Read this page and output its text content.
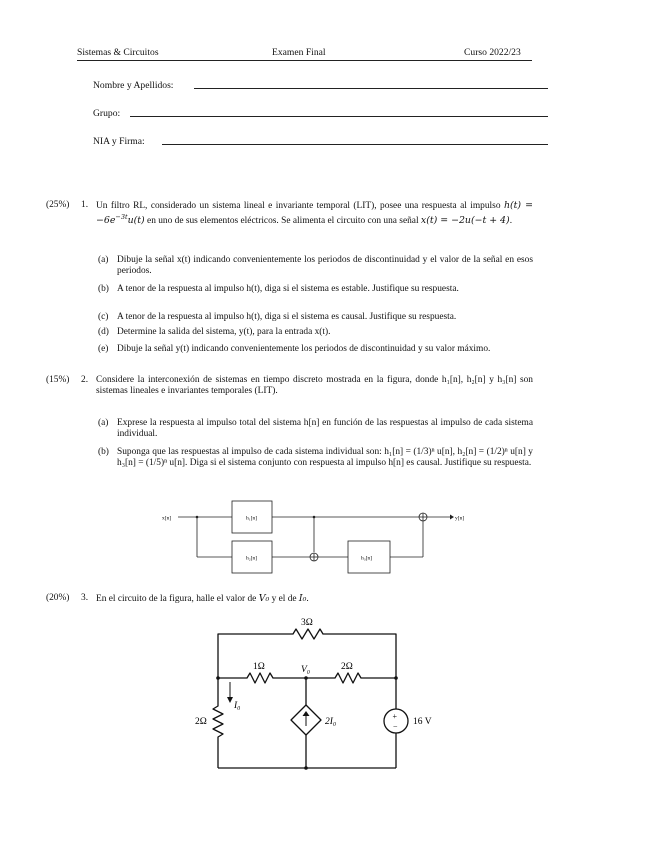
Sistemas & Circuitos	Examen Final	Curso 2022/23
Nombre y Apellidos:
Grupo:
NIA y Firma:
(25%) 1. Un filtro RL, considerado un sistema lineal e invariante temporal (LIT), posee una respuesta al impulso $h(t) = -6e^{-3t}u(t)$ en uno de sus elementos eléctricos. Se alimenta el circuito con una señal x(t) = −2u(−t + 4).
(a) Dibuje la señal x(t) indicando convenientemente los periodos de discontinuidad y el valor de la señal en esos periodos.
(b) A tenor de la respuesta al impulso h(t), diga si el sistema es estable. Justifique su respuesta.
(c) A tenor de la respuesta al impulso h(t), diga si el sistema es causal. Justifique su respuesta.
(d) Determine la salida del sistema, y(t), para la entrada x(t).
(e) Dibuje la señal y(t) indicando convenientemente los periodos de discontinuidad y su valor máximo.
(15%) 2. Considere la interconexión de sistemas en tiempo discreto mostrada en la figura, donde h₁[n], h₂[n] y h₃[n] son sistemas lineales e invariantes temporales (LIT).
(a) Exprese la respuesta al impulso total del sistema h[n] en función de las respuestas al impulso de cada sistema individual.
(b) Suponga que las respuestas al impulso de cada sistema individual son: h₁[n] = (1/3)ⁿ u[n], h₂[n] = (1/2)ⁿ u[n] y h₃[n] = (1/5)ⁿ u[n]. Diga si el sistema conjunto con respuesta al impulso h[n] es causal. Justifique su respuesta.
x[n]	y[n]
h₁[n]
h₂[n]	h₃[n]
(20%) 3. En el circuito de la figura, halle el valor de V₀ y el de I₀.
3Ω
1Ω	2Ω
2Ω
V₀
I₀
2I₀	16 V
+
−
